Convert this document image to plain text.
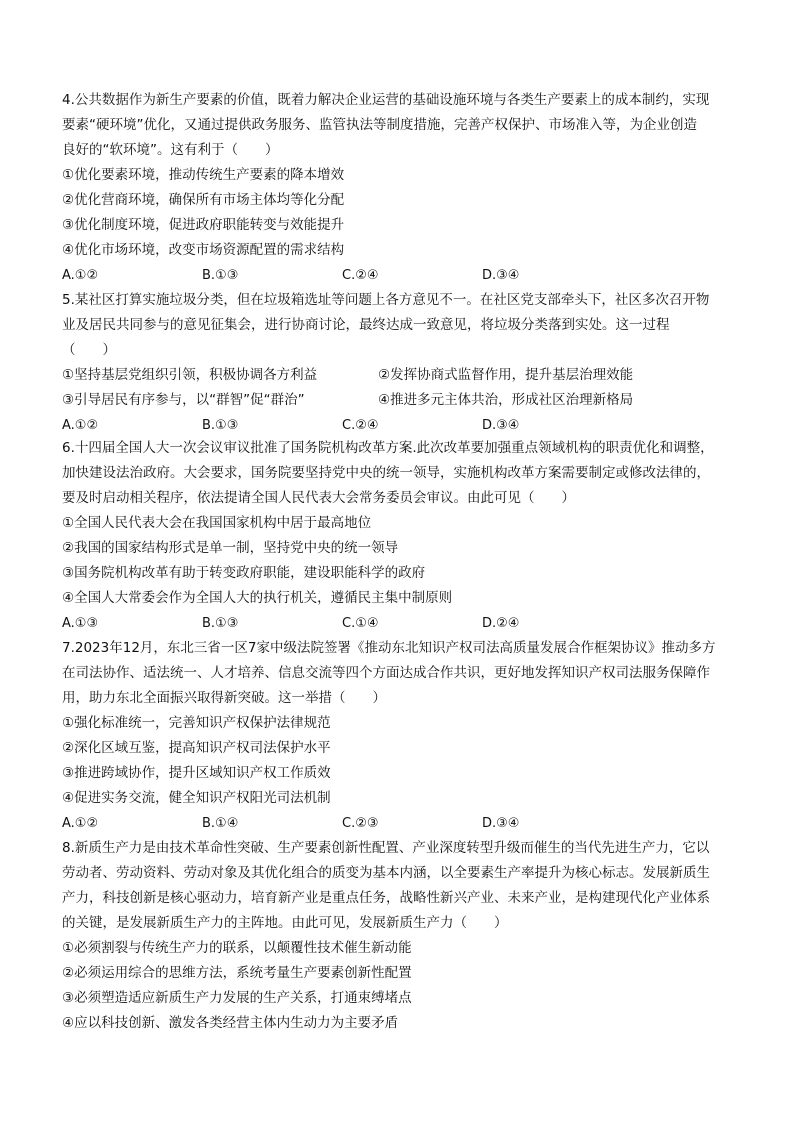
4.公共数据作为新生产要素的价值，既着力解决企业运营的基础设施环境与各类生产要素上的成本制约，实现
要素“硬环境”优化，又通过提供政务服务、监管执法等制度措施，完善产权保护、市场准入等，为企业创造
良好的“软环境”。这有利于（　　）
①优化要素环境，推动传统生产要素的降本增效
②优化营商环境，确保所有市场主体均等化分配
③优化制度环境，促进政府职能转变与效能提升
④优化市场环境，改变市场资源配置的需求结构
A.①②	B.①③	C.②④	D.③④
5.某社区打算实施垃圾分类，但在垃圾箱选址等问题上各方意见不一。在社区党支部牵头下，社区多次召开物
业及居民共同参与的意见征集会，进行协商讨论，最终达成一致意见，将垃圾分类落到实处。这一过程
（　　）
①坚持基层党组织引领，积极协调各方利益	②发挥协商式监督作用，提升基层治理效能
③引导居民有序参与，以“群智”促“群治”	④推进多元主体共治，形成社区治理新格局
A.①②	B.①③	C.②④	D.③④
6.十四届全国人大一次会议审议批准了国务院机构改革方案.此次改革要加强重点领域机构的职责优化和调整，
加快建设法治政府。大会要求，国务院要坚持党中央的统一领导，实施机构改革方案需要制定或修改法律的，
要及时启动相关程序，依法提请全国人民代表大会常务委员会审议。由此可见（　　）
①全国人民代表大会在我国国家机构中居于最高地位
②我国的国家结构形式是单一制，坚持党中央的统一领导
③国务院机构改革有助于转变政府职能，建设职能科学的政府
④全国人大常委会作为全国人大的执行机关，遵循民主集中制原则
A.①③	B.①③	C.①④	D.②④
7.2023年12月，东北三省一区7家中级法院签署《推动东北知识产权司法高质量发展合作框架协议》推动多方
在司法协作、适法统一、人才培养、信息交流等四个方面达成合作共识，更好地发挥知识产权司法服务保障作
用，助力东北全面振兴取得新突破。这一举措（　　）
①强化标准统一，完善知识产权保护法律规范
②深化区域互鉴，提高知识产权司法保护水平
③推进跨域协作，提升区域知识产权工作质效
④促进实务交流，健全知识产权阳光司法机制
A.①②	B.①④	C.②③	D.③④
8.新质生产力是由技术革命性突破、生产要素创新性配置、产业深度转型升级而催生的当代先进生产力，它以
劳动者、劳动资料、劳动对象及其优化组合的质变为基本内涵，以全要素生产率提升为核心标志。发展新质生
产力，科技创新是核心驱动力，培育新产业是重点任务，战略性新兴产业、未来产业，是构建现代化产业体系
的关键，是发展新质生产力的主阵地。由此可见，发展新质生产力（　　）
①必须割裂与传统生产力的联系，以颠覆性技术催生新动能
②必须运用综合的思维方法，系统考量生产要素创新性配置
③必须塑造适应新质生产力发展的生产关系，打通束缚堵点
④应以科技创新、激发各类经营主体内生动力为主要矛盾
